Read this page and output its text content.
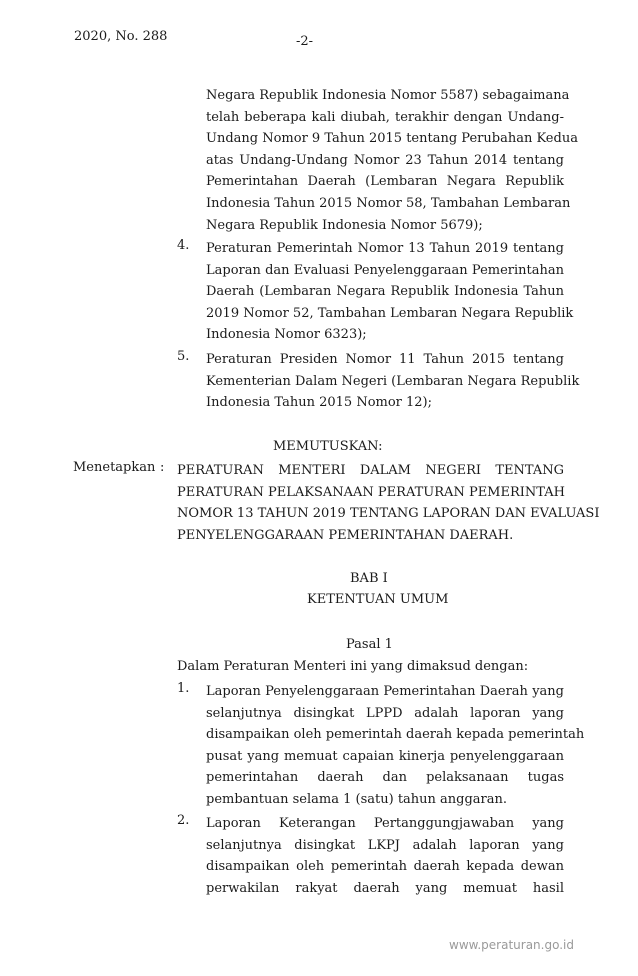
2020, No. 288	-2-
Negara Republik Indonesia Nomor 5587) sebagaimana
telah beberapa kali diubah, terakhir dengan Undang-
Undang Nomor 9 Tahun 2015 tentang Perubahan Kedua
atas Undang-Undang Nomor 23 Tahun 2014 tentang
Pemerintahan Daerah (Lembaran Negara Republik
Indonesia Tahun 2015 Nomor 58, Tambahan Lembaran
Negara Republik Indonesia Nomor 5679);
4. Peraturan Pemerintah Nomor 13 Tahun 2019 tentang
Laporan dan Evaluasi Penyelenggaraan Pemerintahan
Daerah (Lembaran Negara Republik Indonesia Tahun
2019 Nomor 52, Tambahan Lembaran Negara Republik
Indonesia Nomor 6323);
5. Peraturan Presiden Nomor 11 Tahun 2015 tentang
Kementerian Dalam Negeri (Lembaran Negara Republik
Indonesia Tahun 2015 Nomor 12);
MEMUTUSKAN:
Menetapkan : PERATURAN MENTERI DALAM NEGERI TENTANG
PERATURAN PELAKSANAAN PERATURAN PEMERINTAH
NOMOR 13 TAHUN 2019 TENTANG LAPORAN DAN EVALUASI
PENYELENGGARAAN PEMERINTAHAN DAERAH.
BAB I
KETENTUAN UMUM
Pasal 1
Dalam Peraturan Menteri ini yang dimaksud dengan:
1. Laporan Penyelenggaraan Pemerintahan Daerah yang
selanjutnya disingkat LPPD adalah laporan yang
disampaikan oleh pemerintah daerah kepada pemerintah
pusat yang memuat capaian kinerja penyelenggaraan
pemerintahan daerah dan pelaksanaan tugas
pembantuan selama 1 (satu) tahun anggaran.
2. Laporan Keterangan Pertanggungjawaban yang
selanjutnya disingkat LKPJ adalah laporan yang
disampaikan oleh pemerintah daerah kepada dewan
perwakilan rakyat daerah yang memuat hasil
www.peraturan.go.id
